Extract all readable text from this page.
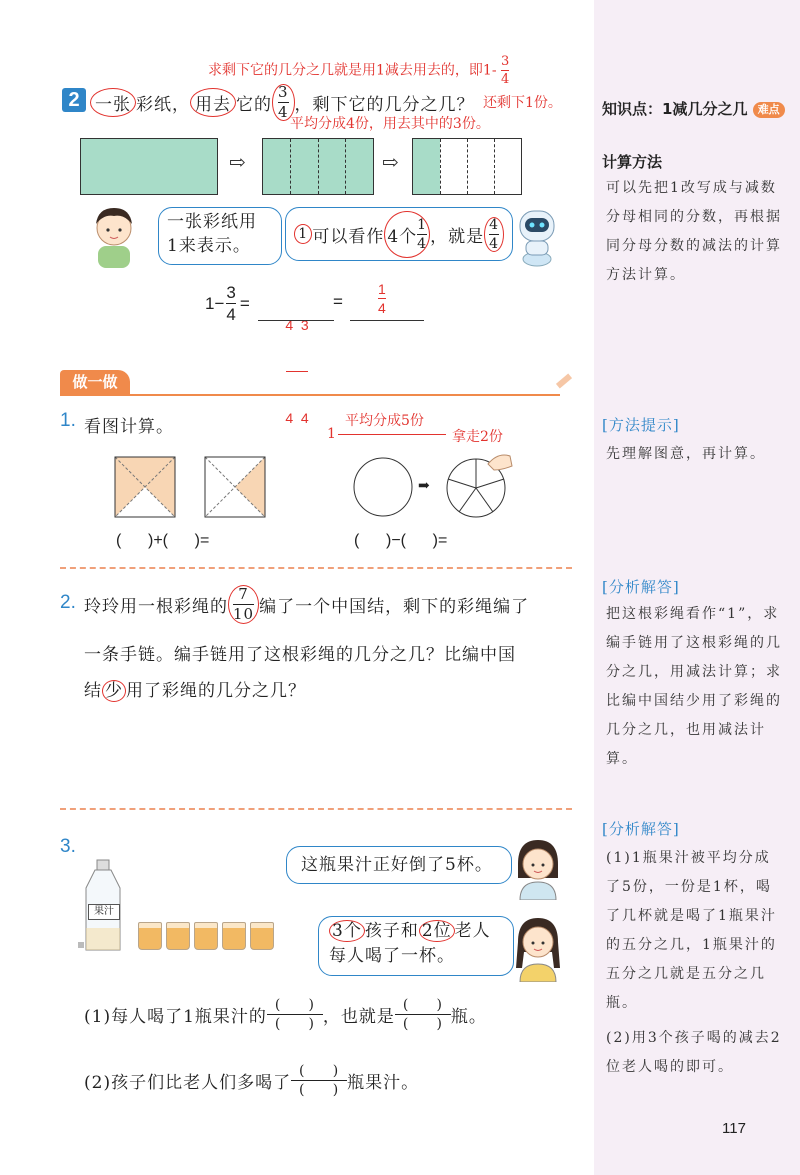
知识点：1减几分之几 难点
计算方法
可以先把1改写成与减数分母相同的分数，再根据同分母分数的减法的计算方法计算。
[方法提示]
先理解图意，再计算。
[分析解答]
把这根彩绳看作“1”，求编手链用了这根彩绳的几分之几，用减法计算；求比编中国结少用了彩绳的几分之几，也用减法计算。
[分析解答]
(1)1瓶果汁被平均分成了5份，一份是1杯，喝了几杯就是喝了1瓶果汁的五分之几，1瓶果汁的五分之几就是五分之几瓶。
(2)用3个孩子喝的减去2位老人喝的即可。
117
求剩下它的几分之几就是用1减去用去的，即$1- \frac{3}{4}$
还剩下1份。
2 一张 彩纸， 用去 它的 $\frac{3}{4}$ ，剩下它的几分之几？
平均分成4份，用去其中的3份。
⇨	⇨
一张彩纸用
1来表示。
1 可以看作 4个 $\frac{1}{4}$ ，就是 $\frac{4}{4}$
$1- \frac{3}{4}$ =

4  3

4  4

=
1
4
做一做
1. 看图计算。
(      )+(      )=
1
平均分成5份
拿走2份
➡
(      )−(      )=
2. 玲玲用一根彩绳的 $\frac{7}{10}$ 编了一个中国结，剩下的彩绳编了
一条手链。编手链用了这根彩绳的几分之几？比编中国
结 少 用了彩绳的几分之几？
3.
果汁
这瓶果汁正好倒了5杯。
3个 孩子和 2位 老人
每人喝了一杯。
(1)每人喝了1瓶果汁的 $\frac{( )}{( )}$ ，也就是 $\frac{( )}{( )}$ 瓶。
(2)孩子们比老人们多喝了 $\frac{( )}{( )}$ 瓶果汁。
